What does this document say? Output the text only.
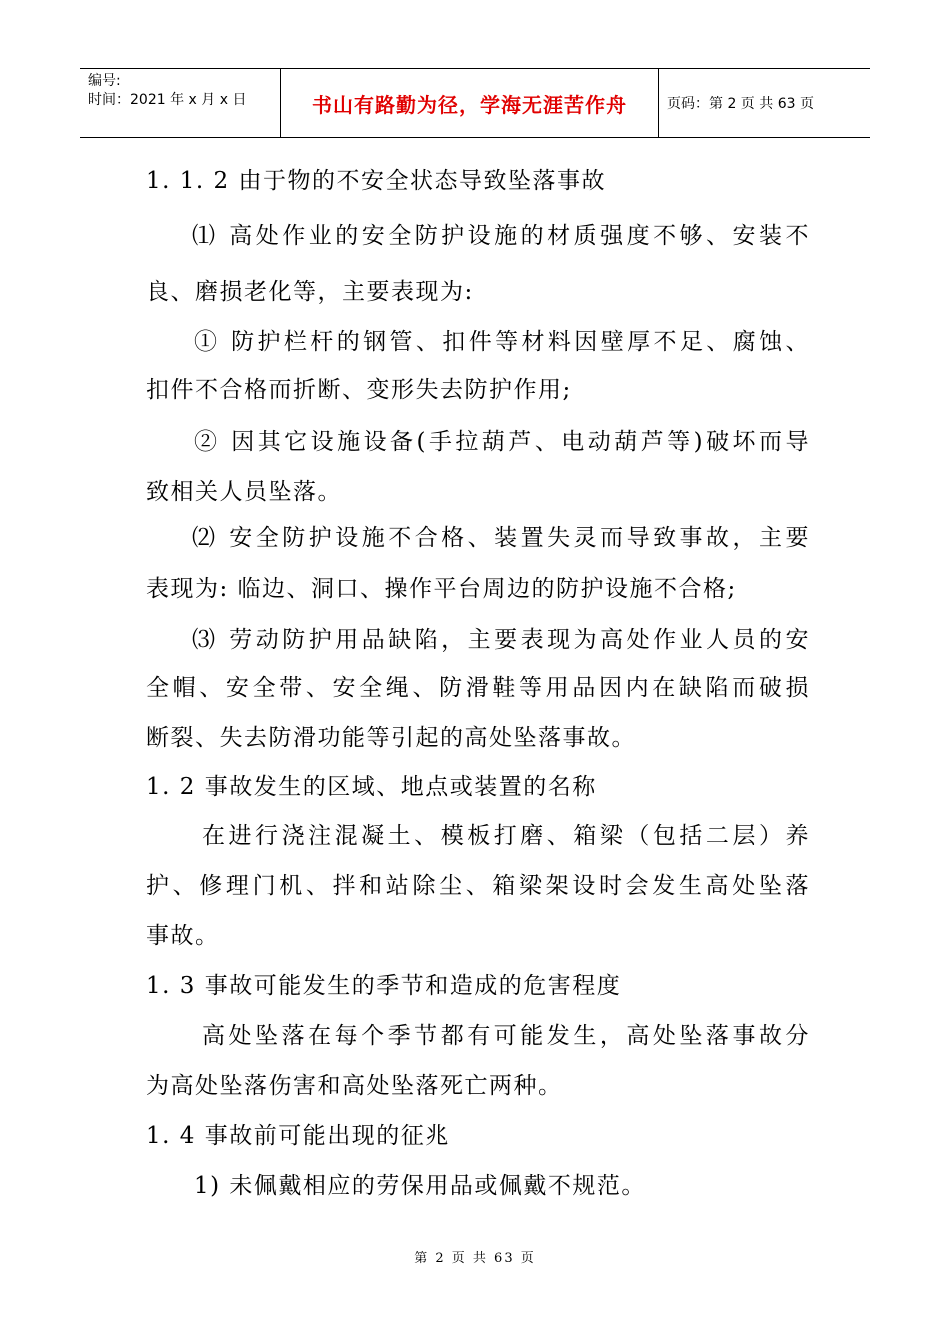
编号:
时间：2021 年 x 月 x 日	书山有路勤为径，学海无涯苦作舟	页码：第 2 页 共 63 页
1. 1. 2 由于物的不安全状态导致坠落事故
⑴ 高处作业的安全防护设施的材质强度不够、安装不
良、磨损老化等，主要表现为:
① 防护栏杆的钢管、扣件等材料因壁厚不足、腐蚀、
扣件不合格而折断、变形失去防护作用;
② 因其它设施设备(手拉葫芦、电动葫芦等)破坏而导
致相关人员坠落。
⑵ 安全防护设施不合格、装置失灵而导致事故，主要
表现为: 临边、洞口、操作平台周边的防护设施不合格;
⑶ 劳动防护用品缺陷，主要表现为高处作业人员的安
全帽、安全带、安全绳、防滑鞋等用品因内在缺陷而破损
断裂、失去防滑功能等引起的高处坠落事故。
1. 2 事故发生的区域、地点或装置的名称
在进行浇注混凝土、模板打磨、箱梁（包括二层）养
护、修理门机、拌和站除尘、箱梁架设时会发生高处坠落
事故。
1. 3 事故可能发生的季节和造成的危害程度
高处坠落在每个季节都有可能发生，高处坠落事故分
为高处坠落伤害和高处坠落死亡两种。
1. 4 事故前可能出现的征兆
1) 未佩戴相应的劳保用品或佩戴不规范。
第 2 页 共 63 页
